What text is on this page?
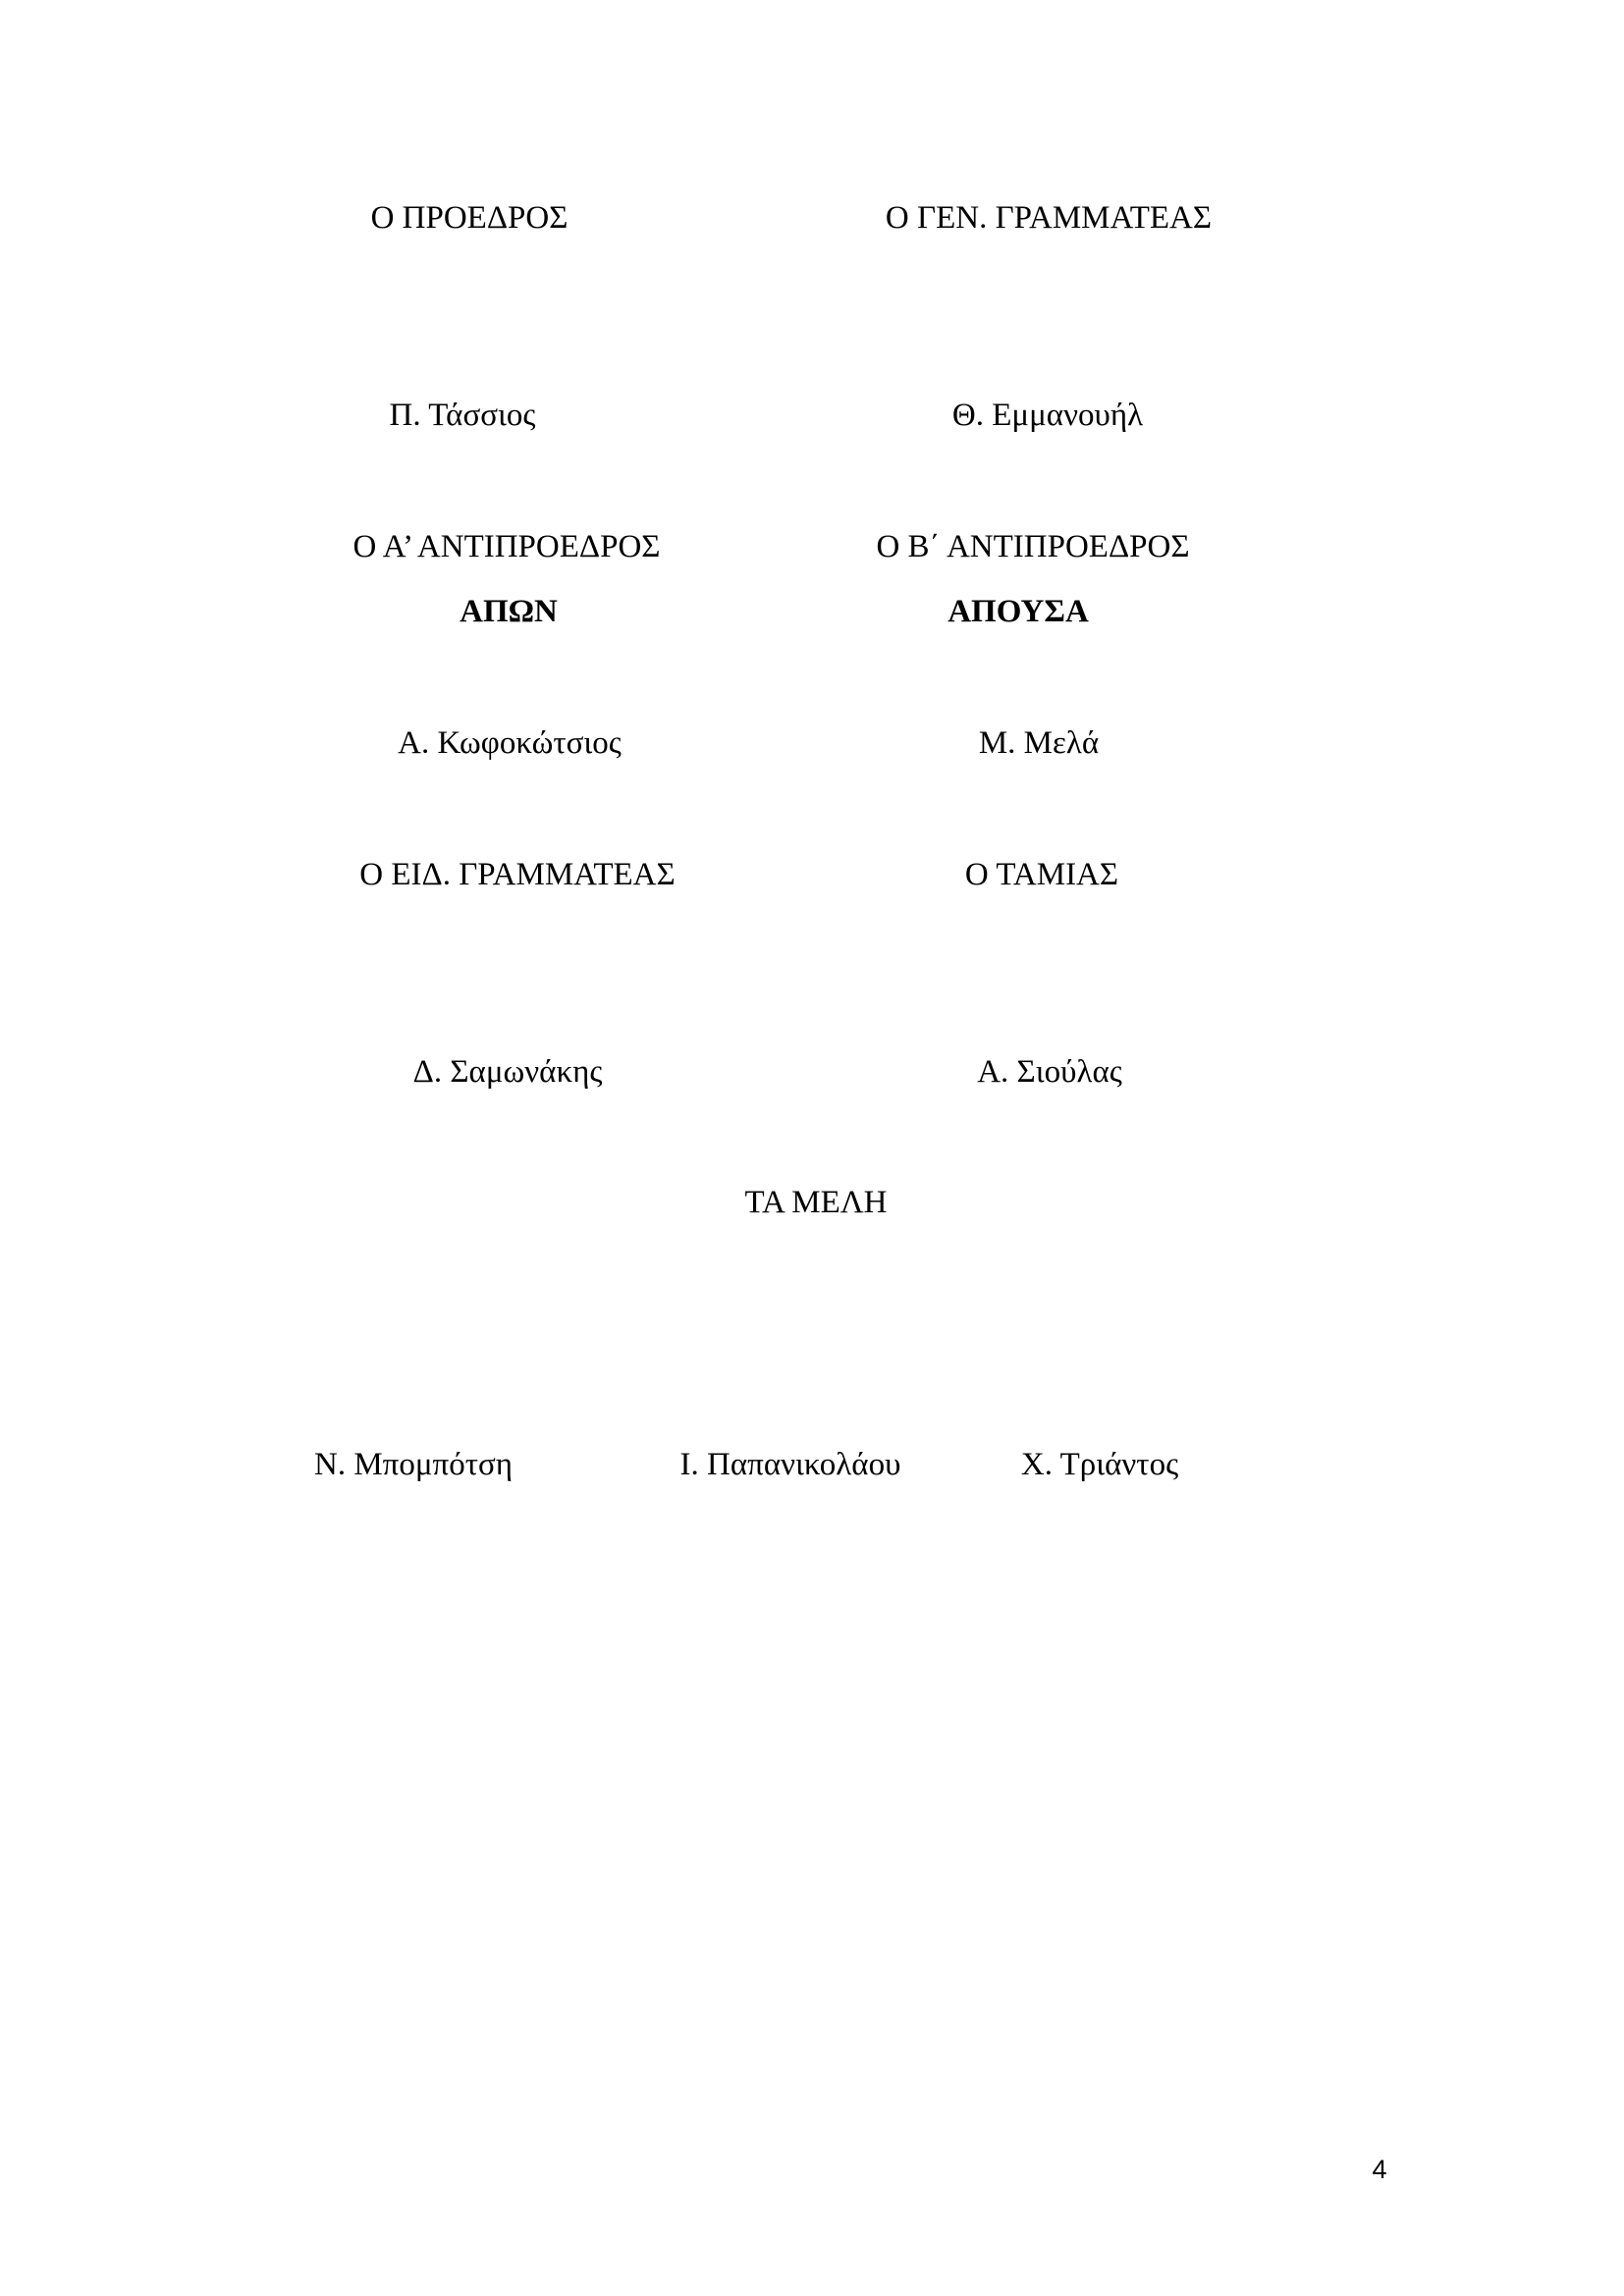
Ο ΠΡΟΕΔΡΟΣ	Ο ΓΕΝ. ΓΡΑΜΜΑΤΕΑΣ
Π. Τάσσιος	Θ. Εμμανουήλ
Ο Α’ ΑΝΤΙΠΡΟΕΔΡΟΣ	Ο Β΄ ΑΝΤΙΠΡΟΕΔΡΟΣ
ΑΠΩΝ	ΑΠΟΥΣΑ
Α. Κωφοκώτσιος	Μ. Μελά
Ο ΕΙΔ. ΓΡΑΜΜΑΤΕΑΣ	Ο ΤΑΜΙΑΣ
Δ. Σαμωνάκης	Α. Σιούλας
ΤΑ ΜΕΛΗ
Ν. Μπομπότση	Ι. Παπανικολάου	Χ. Τριάντος
4
